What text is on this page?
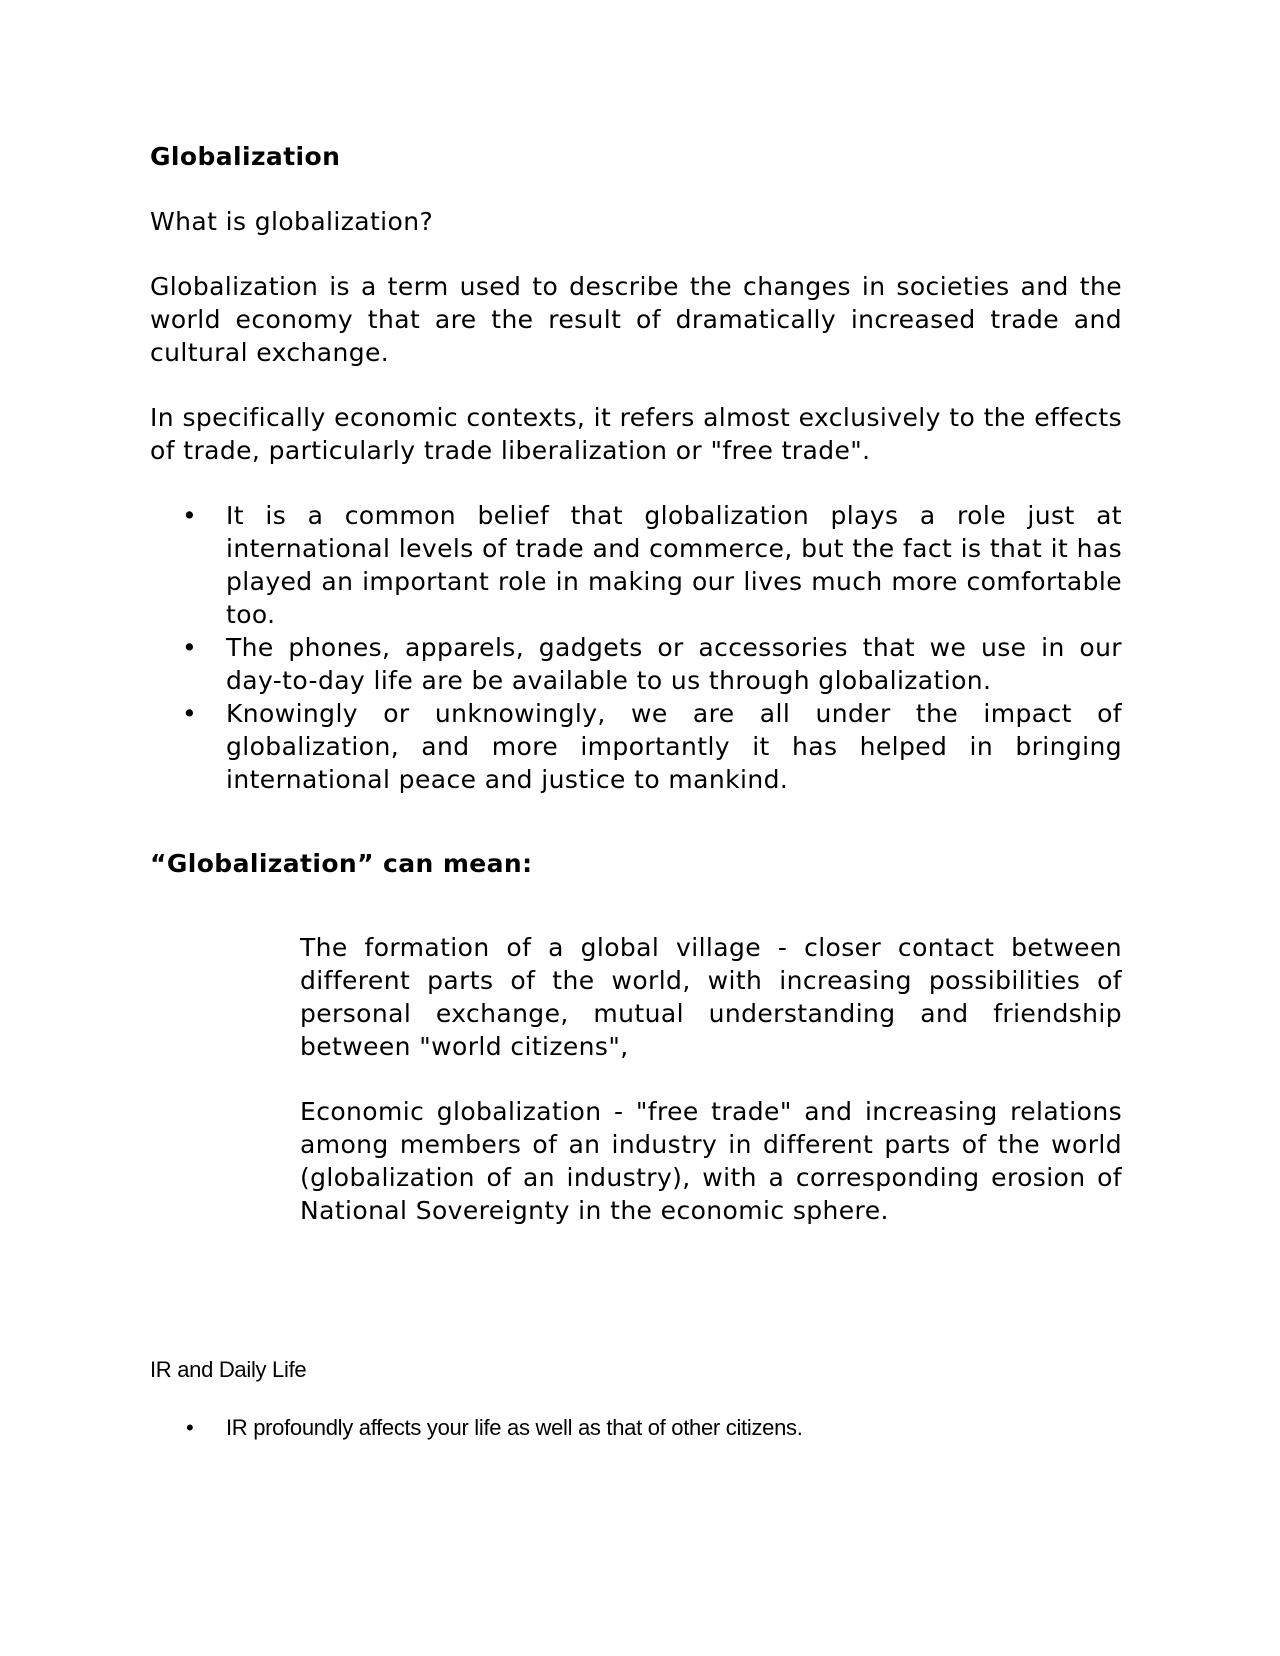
Globalization

What is globalization?

Globalization is a term used to describe the changes in societies and the world economy that are the result of dramatically increased trade and cultural exchange.

In specifically economic contexts, it refers almost exclusively to the effects of trade, particularly trade liberalization or "free trade".

• It is a common belief that globalization plays a role just at international levels of trade and commerce, but the fact is that it has played an important role in making our lives much more comfortable too.
• The phones, apparels, gadgets or accessories that we use in our day-to-day life are be available to us through globalization.
• Knowingly or unknowingly, we are all under the impact of globalization, and more importantly it has helped in bringing international peace and justice to mankind.

“Globalization” can mean:

The formation of a global village - closer contact between different parts of the world, with increasing possibilities of personal exchange, mutual understanding and friendship between "world citizens",

Economic globalization - "free trade" and increasing relations among members of an industry in different parts of the world (globalization of an industry), with a corresponding erosion of National Sovereignty in the economic sphere.

IR and Daily Life

• IR profoundly affects your life as well as that of other citizens.
